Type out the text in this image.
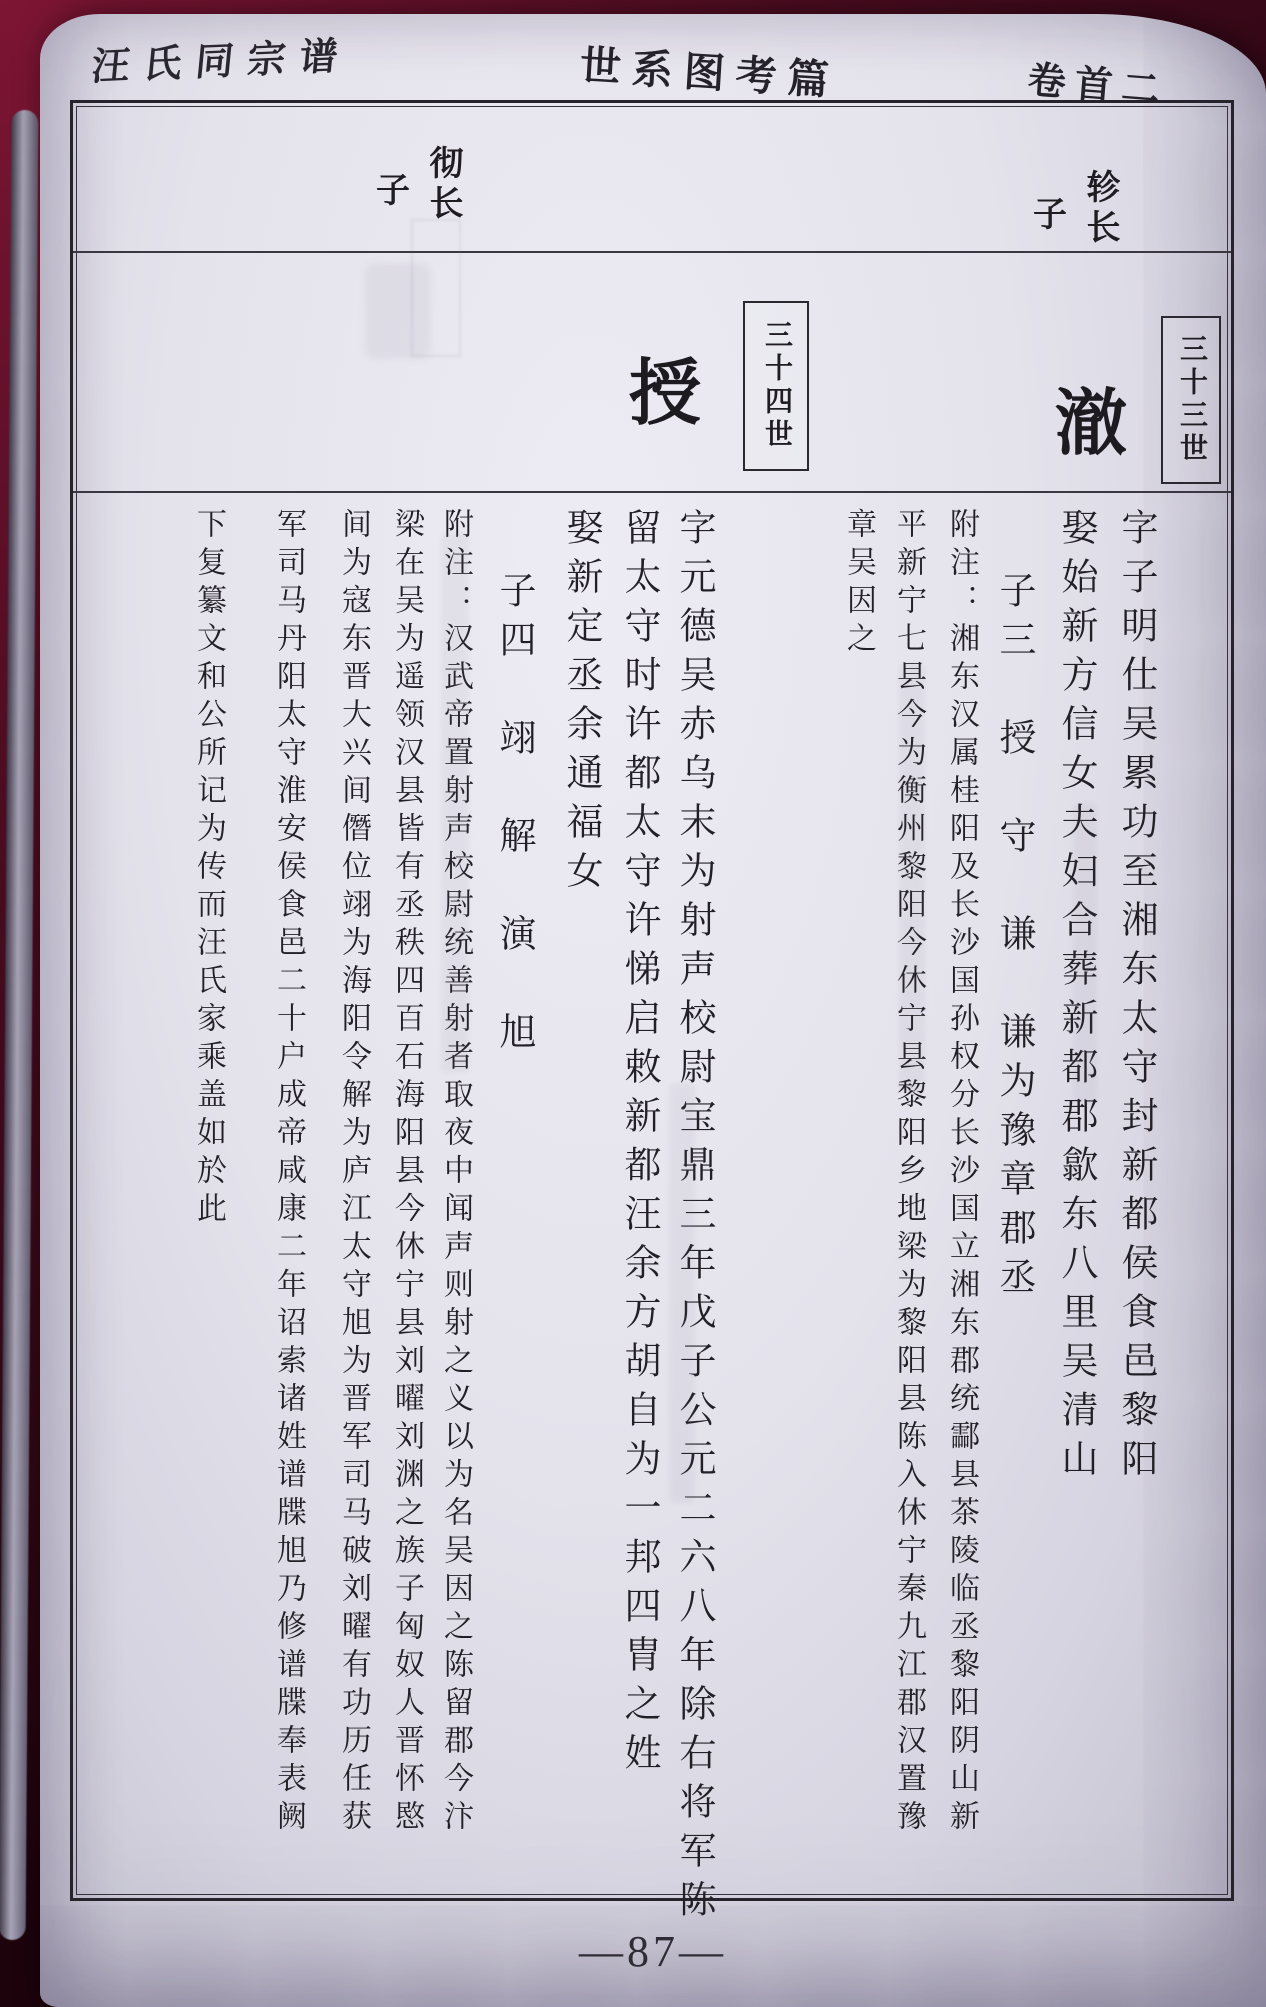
汪氏同宗谱	世系图考篇	卷首二
子 彻长	子 轸长
授 三十四世	澈 三十三世
字子明仕吴累功至湘东太守封新都侯食邑黎阳
娶始新方信女夫妇合葬新都郡歙东八里吴清山
子三　授　守　谦　谦为豫章郡丞
附注：湘东汉属桂阳及长沙国孙权分长沙国立湘东郡统酃县茶陵临丞黎阳阴山新
平新宁七县今为衡州黎阳今休宁县黎阳乡地梁为黎阳县陈入休宁秦九江郡汉置豫
章吴因之
字元德吴赤乌末为射声校尉宝鼎三年戊子公元二六八年除右将军陈
留太守时许都太守许悌启敕新都汪余方胡自为一邦四胄之姓
娶新定丞余通福女
子四　翊　解　演　旭
附注：汉武帝置射声校尉统善射者取夜中闻声则射之义以为名吴因之陈留郡今汴
梁在吴为遥领汉县皆有丞秩四百石海阳县今休宁县刘曜刘渊之族子匈奴人晋怀愍
间为寇东晋大兴间僭位翊为海阳令解为庐江太守旭为晋军司马破刘曜有功历任获
军司马丹阳太守淮安侯食邑二十户成帝咸康二年诏索诸姓谱牒旭乃修谱牒奉表阙
下复纂文和公所记为传而汪氏家乘盖如於此
—87—
